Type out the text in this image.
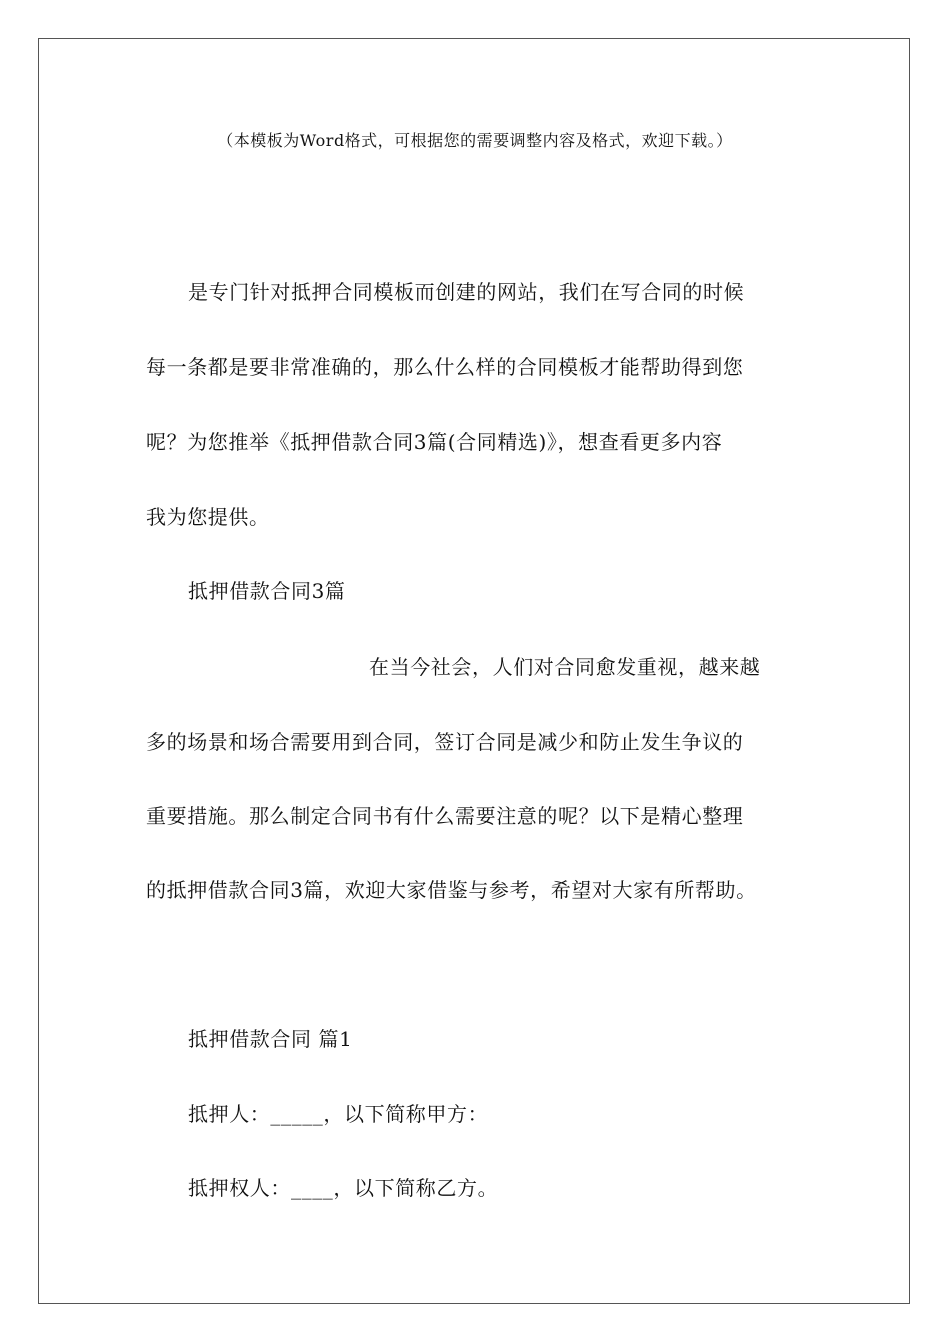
（本模板为Word格式，可根据您的需要调整内容及格式，欢迎下载。）
是专门针对抵押合同模板而创建的网站，我们在写合同的时候
每一条都是要非常准确的，那么什么样的合同模板才能帮助得到您
呢？为您推举《抵押借款合同3篇(合同精选)》，想查看更多内容
我为您提供。
抵押借款合同3篇
在当今社会，人们对合同愈发重视，越来越
多的场景和场合需要用到合同，签订合同是减少和防止发生争议的
重要措施。那么制定合同书有什么需要注意的呢？以下是精心整理
的抵押借款合同3篇，欢迎大家借鉴与参考，希望对大家有所帮助。
抵押借款合同 篇1
抵押人：_____，以下简称甲方：
抵押权人：____，以下简称乙方。
